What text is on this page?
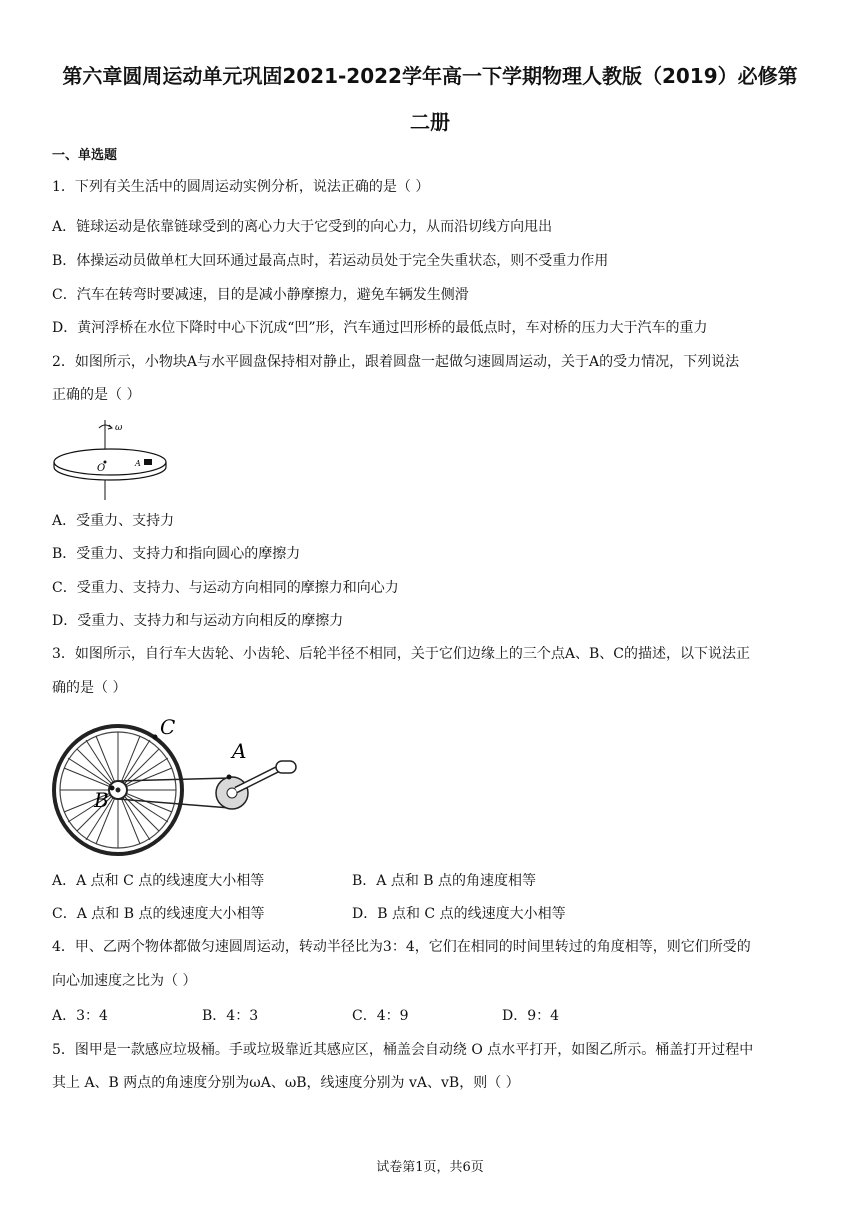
第六章圆周运动单元巩固2021-2022学年高一下学期物理人教版（2019）必修第
二册
一、单选题
1．下列有关生活中的圆周运动实例分析，说法正确的是（ ）
A．链球运动是依靠链球受到的离心力大于它受到的向心力，从而沿切线方向甩出
B．体操运动员做单杠大回环通过最高点时，若运动员处于完全失重状态，则不受重力作用
C．汽车在转弯时要减速，目的是减小静摩擦力，避免车辆发生侧滑
D．黄河浮桥在水位下降时中心下沉成“凹”形，汽车通过凹形桥的最低点时，车对桥的压力大于汽车的重力
2．如图所示，小物块A与水平圆盘保持相对静止，跟着圆盘一起做匀速圆周运动，关于A的受力情况，下列说法
正确的是（ ）
ω
O	A
A．受重力、支持力
B．受重力、支持力和指向圆心的摩擦力
C．受重力、支持力、与运动方向相同的摩擦力和向心力
D．受重力、支持力和与运动方向相反的摩擦力
3．如图所示，自行车大齿轮、小齿轮、后轮半径不相同，关于它们边缘上的三个点A、B、C的描述，以下说法正
确的是（ ）
C
A
B
A．A 点和 C 点的线速度大小相等	B．A 点和 B 点的角速度相等
C．A 点和 B 点的线速度大小相等	D．B 点和 C 点的线速度大小相等
4．甲、乙两个物体都做匀速圆周运动，转动半径比为3：4，它们在相同的时间里转过的角度相等，则它们所受的
向心加速度之比为（ ）
A．3：4	B．4：3	C．4：9	D．9：4
5．图甲是一款感应垃圾桶。手或垃圾靠近其感应区，桶盖会自动绕 O 点水平打开，如图乙所示。桶盖打开过程中
其上 A、B 两点的角速度分别为ωA、ωB，线速度分别为 vA、vB，则（ ）
试卷第1页，共6页
